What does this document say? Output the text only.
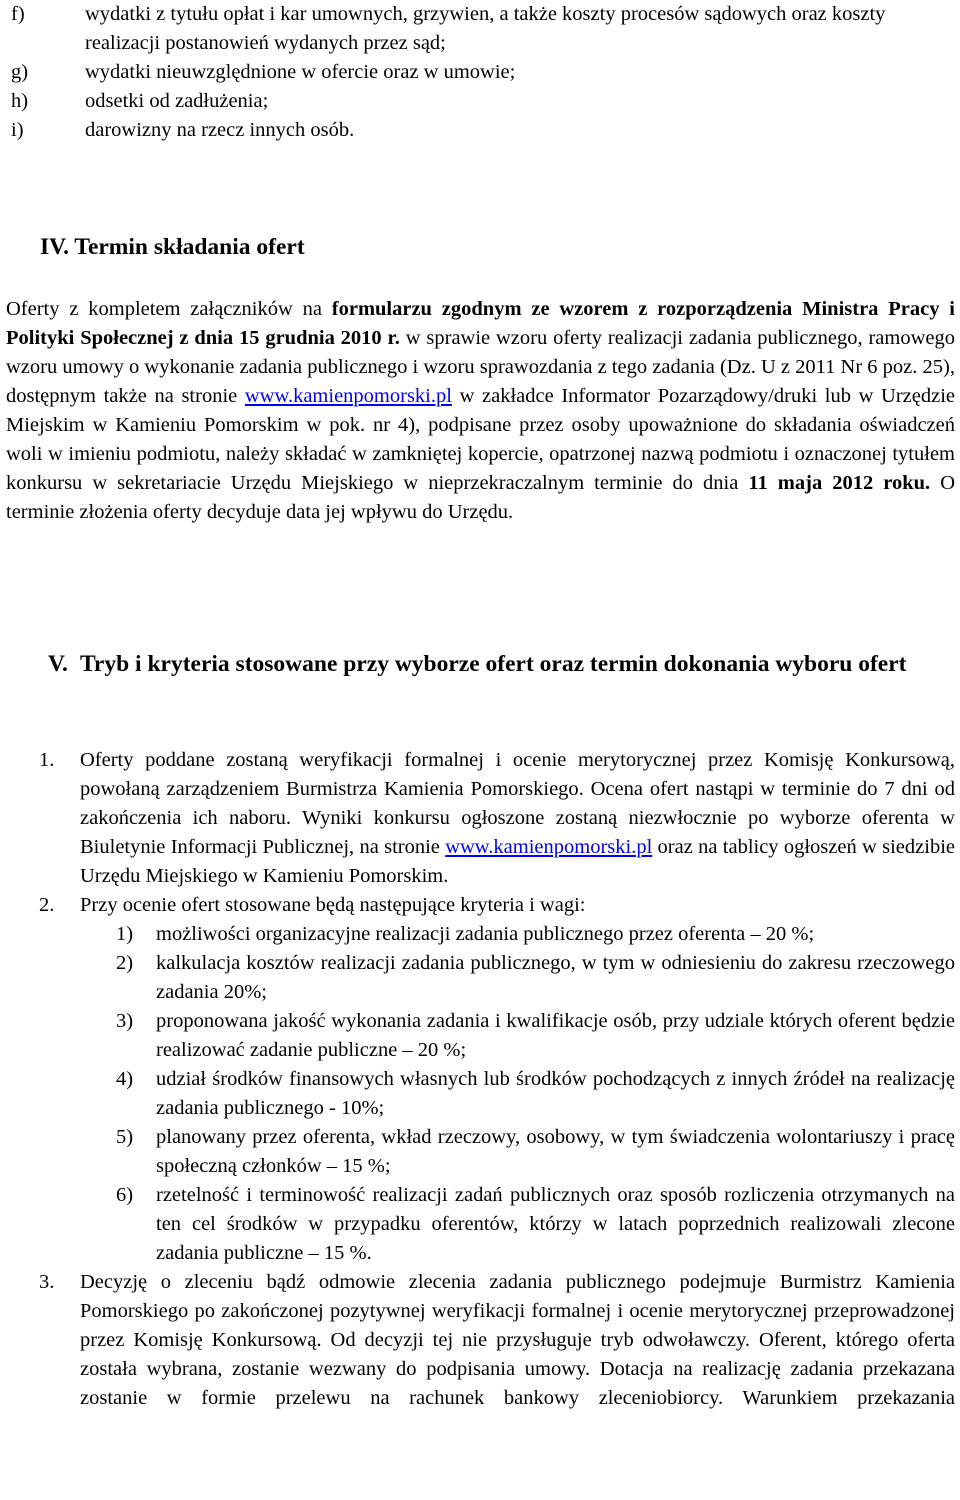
f)	wydatki z tytułu opłat i kar umownych, grzywien, a także koszty procesów sądowych oraz koszty realizacji postanowień wydanych przez sąd;

g)	wydatki nieuwzględnione w ofercie oraz w umowie;

h)	odsetki od zadłużenia;

i)	darowizny na rzecz innych osób.

IV. Termin składania ofert

Oferty z kompletem załączników na formularzu zgodnym ze wzorem z rozporządzenia Ministra Pracy i Polityki Społecznej z dnia 15 grudnia 2010 r. w sprawie wzoru oferty realizacji zadania publicznego, ramowego wzoru umowy o wykonanie zadania publicznego i wzoru sprawozdania z tego zadania (Dz. U z 2011 Nr 6 poz. 25), dostępnym także na stronie www.kamienpomorski.pl w zakładce Informator Pozarządowy/druki lub w Urzędzie Miejskim w Kamieniu Pomorskim w pok. nr 4), podpisane przez osoby upoważnione do składania oświadczeń woli w imieniu podmiotu, należy składać w zamkniętej kopercie, opatrzonej nazwą podmiotu i oznaczonej tytułem konkursu w sekretariacie Urzędu Miejskiego w nieprzekraczalnym terminie do dnia 11 maja 2012 roku. O terminie złożenia oferty decyduje data jej wpływu do Urzędu.

V. Tryb i kryteria stosowane przy wyborze ofert oraz termin dokonania wyboru ofert

1. Oferty poddane zostaną weryfikacji formalnej i ocenie merytorycznej przez Komisję Konkursową, powołaną zarządzeniem Burmistrza Kamienia Pomorskiego. Ocena ofert nastąpi w terminie do 7 dni od zakończenia ich naboru. Wyniki konkursu ogłoszone zostaną niezwłocznie po wyborze oferenta w Biuletynie Informacji Publicznej, na stronie www.kamienpomorski.pl oraz na tablicy ogłoszeń w siedzibie Urzędu Miejskiego w Kamieniu Pomorskim.

2. Przy ocenie ofert stosowane będą następujące kryteria i wagi:

1) możliwości organizacyjne realizacji zadania publicznego przez oferenta – 20 %;

2) kalkulacja kosztów realizacji zadania publicznego, w tym w odniesieniu do zakresu rzeczowego zadania 20%;

3) proponowana jakość wykonania zadania i kwalifikacje osób, przy udziale których oferent będzie realizować zadanie publiczne – 20 %;

4) udział środków finansowych własnych lub środków pochodzących z innych źródeł na realizację zadania publicznego - 10%;

5) planowany przez oferenta, wkład rzeczowy, osobowy, w tym świadczenia wolontariuszy i pracę społeczną członków – 15 %;

6) rzetelność i terminowość realizacji zadań publicznych oraz sposób rozliczenia otrzymanych na ten cel środków w przypadku oferentów, którzy w latach poprzednich realizowali zlecone zadania publiczne – 15 %.

3. Decyzję o zleceniu bądź odmowie zlecenia zadania publicznego podejmuje Burmistrz Kamienia Pomorskiego po zakończonej pozytywnej weryfikacji formalnej i ocenie merytorycznej przeprowadzonej przez Komisję Konkursową. Od decyzji tej nie przysługuje tryb odwoławczy. Oferent, którego oferta została wybrana, zostanie wezwany do podpisania umowy. Dotacja na realizację zadania przekazana zostanie w formie przelewu na rachunek bankowy zleceniobiorcy. Warunkiem przekazania
